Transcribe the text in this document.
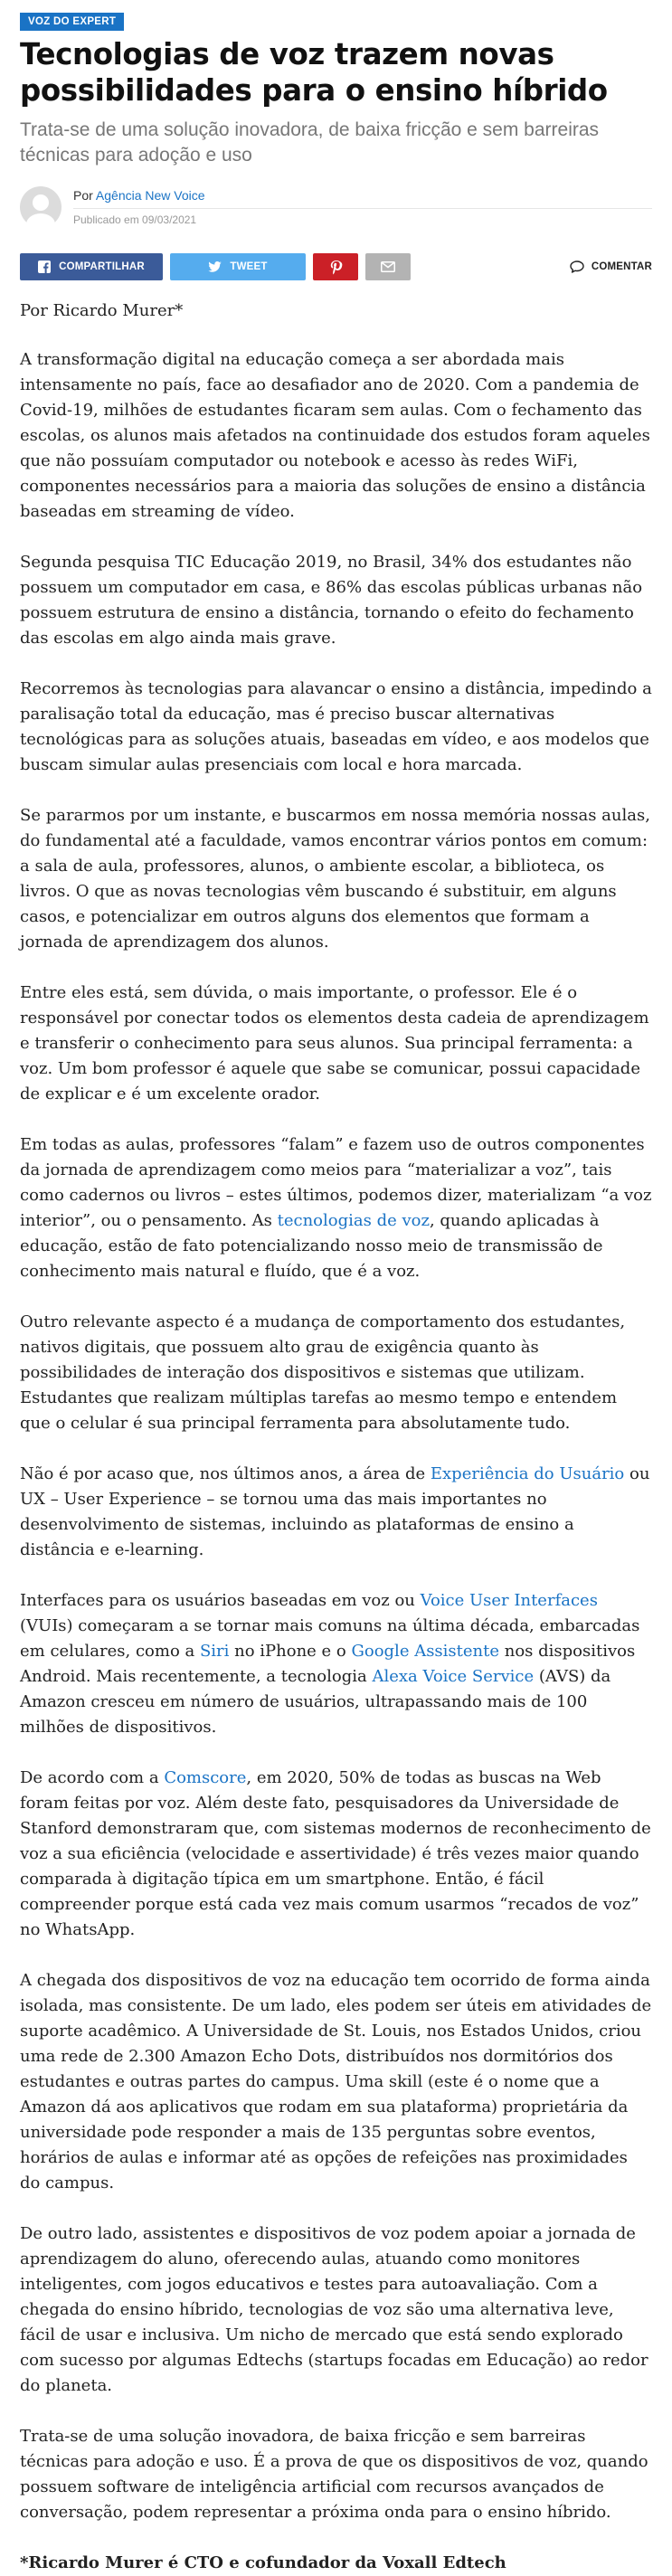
VOZ DO EXPERT
Tecnologias de voz trazem novas possibilidades para o ensino híbrido

Trata-se de uma solução inovadora, de baixa fricção e sem barreiras técnicas para adoção e uso

Por Agência New Voice
Publicado em 09/03/2021
COMPARTILHAR	TWEET	COMENTAR

Por Ricardo Murer*

A transformação digital na educação começa a ser abordada mais intensamente no país, face ao desafiador ano de 2020. Com a pandemia de Covid-19, milhões de estudantes ficaram sem aulas. Com o fechamento das escolas, os alunos mais afetados na continuidade dos estudos foram aqueles que não possuíam computador ou notebook e acesso às redes WiFi, componentes necessários para a maioria das soluções de ensino a distância baseadas em streaming de vídeo.

Segunda pesquisa TIC Educação 2019, no Brasil, 34% dos estudantes não possuem um computador em casa, e 86% das escolas públicas urbanas não possuem estrutura de ensino a distância, tornando o efeito do fechamento das escolas em algo ainda mais grave.

Recorremos às tecnologias para alavancar o ensino a distância, impedindo a paralisação total da educação, mas é preciso buscar alternativas tecnológicas para as soluções atuais, baseadas em vídeo, e aos modelos que buscam simular aulas presenciais com local e hora marcada.

Se pararmos por um instante, e buscarmos em nossa memória nossas aulas, do fundamental até a faculdade, vamos encontrar vários pontos em comum: a sala de aula, professores, alunos, o ambiente escolar, a biblioteca, os livros. O que as novas tecnologias vêm buscando é substituir, em alguns casos, e potencializar em outros alguns dos elementos que formam a jornada de aprendizagem dos alunos.

Entre eles está, sem dúvida, o mais importante, o professor. Ele é o responsável por conectar todos os elementos desta cadeia de aprendizagem e transferir o conhecimento para seus alunos. Sua principal ferramenta: a voz. Um bom professor é aquele que sabe se comunicar, possui capacidade de explicar e é um excelente orador.

Em todas as aulas, professores “falam” e fazem uso de outros componentes da jornada de aprendizagem como meios para “materializar a voz”, tais como cadernos ou livros – estes últimos, podemos dizer, materializam “a voz interior”, ou o pensamento. As tecnologias de voz, quando aplicadas à educação, estão de fato potencializando nosso meio de transmissão de conhecimento mais natural e fluído, que é a voz.

Outro relevante aspecto é a mudança de comportamento dos estudantes, nativos digitais, que possuem alto grau de exigência quanto às possibilidades de interação dos dispositivos e sistemas que utilizam. Estudantes que realizam múltiplas tarefas ao mesmo tempo e entendem que o celular é sua principal ferramenta para absolutamente tudo.

Não é por acaso que, nos últimos anos, a área de Experiência do Usuário ou UX – User Experience – se tornou uma das mais importantes no desenvolvimento de sistemas, incluindo as plataformas de ensino a distância e e-learning.

Interfaces para os usuários baseadas em voz ou Voice User Interfaces (VUIs) começaram a se tornar mais comuns na última década, embarcadas em celulares, como a Siri no iPhone e o Google Assistente nos dispositivos Android. Mais recentemente, a tecnologia Alexa Voice Service (AVS) da Amazon cresceu em número de usuários, ultrapassando mais de 100 milhões de dispositivos.

De acordo com a Comscore, em 2020, 50% de todas as buscas na Web foram feitas por voz. Além deste fato, pesquisadores da Universidade de Stanford demonstraram que, com sistemas modernos de reconhecimento de voz a sua eficiência (velocidade e assertividade) é três vezes maior quando comparada à digitação típica em um smartphone. Então, é fácil compreender porque está cada vez mais comum usarmos “recados de voz” no WhatsApp.

A chegada dos dispositivos de voz na educação tem ocorrido de forma ainda isolada, mas consistente. De um lado, eles podem ser úteis em atividades de suporte acadêmico. A Universidade de St. Louis, nos Estados Unidos, criou uma rede de 2.300 Amazon Echo Dots, distribuídos nos dormitórios dos estudantes e outras partes do campus. Uma skill (este é o nome que a Amazon dá aos aplicativos que rodam em sua plataforma) proprietária da universidade pode responder a mais de 135 perguntas sobre eventos, horários de aulas e informar até as opções de refeições nas proximidades do campus.

De outro lado, assistentes e dispositivos de voz podem apoiar a jornada de aprendizagem do aluno, oferecendo aulas, atuando como monitores inteligentes, com jogos educativos e testes para autoavaliação. Com a chegada do ensino híbrido, tecnologias de voz são uma alternativa leve, fácil de usar e inclusiva. Um nicho de mercado que está sendo explorado com sucesso por algumas Edtechs (startups focadas em Educação) ao redor do planeta.

Trata-se de uma solução inovadora, de baixa fricção e sem barreiras técnicas para adoção e uso. É a prova de que os dispositivos de voz, quando possuem software de inteligência artificial com recursos avançados de conversação, podem representar a próxima onda para o ensino híbrido.

*Ricardo Murer é CTO e cofundador da Voxall Edtech
